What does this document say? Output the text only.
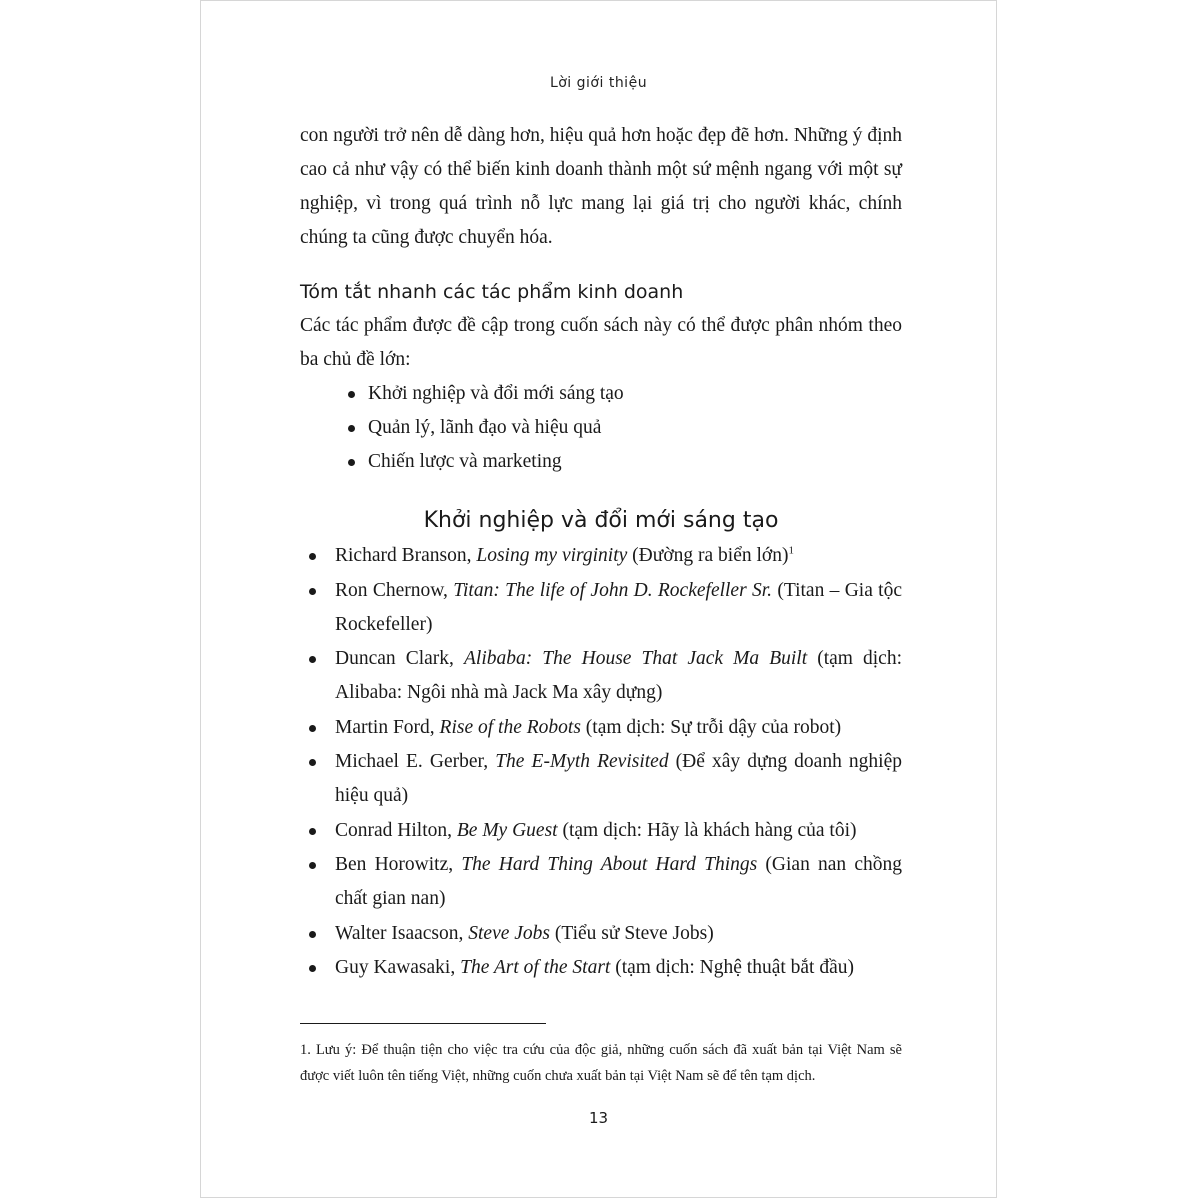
Lời giới thiệu

con người trở nên dễ dàng hơn, hiệu quả hơn hoặc đẹp đẽ hơn. Những ý định cao cả như vậy có thể biến kinh doanh thành một sứ mệnh ngang với một sự nghiệp, vì trong quá trình nỗ lực mang lại giá trị cho người khác, chính chúng ta cũng được chuyển hóa.

Tóm tắt nhanh các tác phẩm kinh doanh

Các tác phẩm được đề cập trong cuốn sách này có thể được phân nhóm theo ba chủ đề lớn:

Khởi nghiệp và đổi mới sáng tạo
Quản lý, lãnh đạo và hiệu quả
Chiến lược và marketing
Khởi nghiệp và đổi mới sáng tạo
Richard Branson, Losing my virginity (Đường ra biển lớn)$^1$
Ron Chernow, Titan: The life of John D. Rockefeller Sr. (Titan – Gia tộc Rockefeller)
Duncan Clark, Alibaba: The House That Jack Ma Built (tạm dịch: Alibaba: Ngôi nhà mà Jack Ma xây dựng)
Martin Ford, Rise of the Robots (tạm dịch: Sự trỗi dậy của robot)
Michael E. Gerber, The E-Myth Revisited (Để xây dựng doanh nghiệp hiệu quả)
Conrad Hilton, Be My Guest (tạm dịch: Hãy là khách hàng của tôi)
Ben Horowitz, The Hard Thing About Hard Things (Gian nan chồng chất gian nan)
Walter Isaacson, Steve Jobs (Tiểu sử Steve Jobs)
Guy Kawasaki, The Art of the Start (tạm dịch: Nghệ thuật bắt đầu)

1. Lưu ý: Để thuận tiện cho việc tra cứu của độc giả, những cuốn sách đã xuất bản tại Việt Nam sẽ được viết luôn tên tiếng Việt, những cuốn chưa xuất bản tại Việt Nam sẽ để tên tạm dịch.

13
